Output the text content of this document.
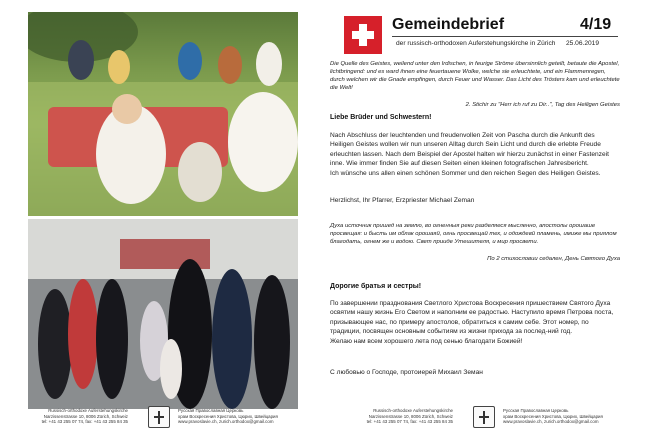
Russisch-orthodoxe Auferstehungskirche
Narzissenstrasse 10, 8006 Zürich, Schweiz
tel: +41 43 255 07 74, fax: +41 43 255 84 35
Русская Православная Церковь
храм Воскресения Христова, Цюрих, Швейцария
www.pravoslavie.ch, zurich.orthodox@gmail.com
Gemeindebrief	4/19
der russisch-orthodoxen Auferstehungskirche in Zürich 25.06.2019
Die Quelle des Geistes, weilend unter den Irdischen, in feurige Ströme übersinnlich geteilt, betaute die Apostel, lichtbringend: und es ward ihnen eine feuertauene Wolke, welche sie erleuchtete, und ein Flammenregen, durch welchen wir die Gnade empfingen, durch Feuer und Wasser. Das Licht des Trösters kam und erleuchtete die Welt!
2. Stichir zu "Herr ich ruf zu Dir..", Tag des Heiligen Geistes
Liebe Brüder und Schwestern!
Nach Abschluss der leuchtenden und freudenvollen Zeit von Pascha durch die Ankunft des Heiligen Geistes wollen wir nun unseren Alltag durch Sein Licht und durch die erlebte Freude erleuchten lassen. Nach dem Beispiel der Apostel halten wir hierzu zunächst in einer Fastenzeit inne. Wie immer finden Sie auf diesen Seiten einen kleinen fotografischen Jahresbericht.
Ich wünsche uns allen einen schönen Sommer und den reichen Segen des Heiligen Geistes.
Herzlichst, Ihr Pfarrer, Erzpriester Michael Zeman
Духа источник пришед на землю, во огненныя реки разделяеся мысленно, апостолы орошаше просвещая: и бысть им облак орошаяй, огнь просвещай тех, и одождевй пламень, имиже мы приялом благодать, огнем же и водою. Свет прииде Утешителя, и мир просвети.
По 2 стихословии седален, День Святого Духа
Дорогие братья и сестры!
По завершении празднования Светлого Христова Воскресения пришествием Святого Духа освятим нашу жизнь Его Светом и наполним ее радостью. Наступило время Петрова поста, призывающее нас, по примеру апостолов, обратиться к самим себе. Этот номер, по традиции, посвящен основным событиям из жизни прихода за послед-ний год.
Желаю нам всем хорошего лета под сенью благодати Божией!
С любовью о Господе, протоиерей Михаил Земан
Russisch-orthodoxe Auferstehungskirche
Narzissenstrasse 10, 8006 Zürich, Schweiz
tel: +41 43 255 07 74, fax: +41 43 255 84 35
Русская Православная Церковь
храм Воскресения Христова, Цюрих, Швейцария
www.pravoslavie.ch, zurich.orthodox@gmail.com
